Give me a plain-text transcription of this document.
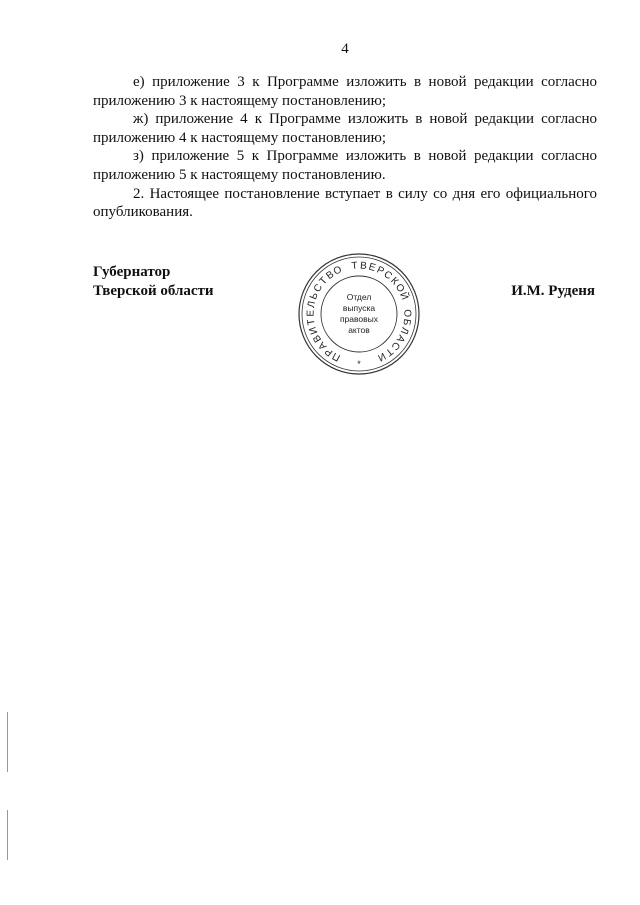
4

е) приложение 3 к Программе изложить в новой редакции согласно приложению 3 к настоящему постановлению;

ж) приложение 4 к Программе изложить в новой редакции согласно приложению 4 к настоящему постановлению;

з) приложение 5 к Программе изложить в новой редакции согласно приложению 5 к настоящему постановлению.

2. Настоящее постановление вступает в силу со дня его официального опубликования.

Губернатор
Тверской области	И.М. Руденя
П
Р
А
В
И
Т
Е
Л
Ь
С
Т
В
О Т В Е
Р
С
К
О
Й
О
Б
Л
А
С
Т
И
Отдел
выпуска
правовых
актов
*
